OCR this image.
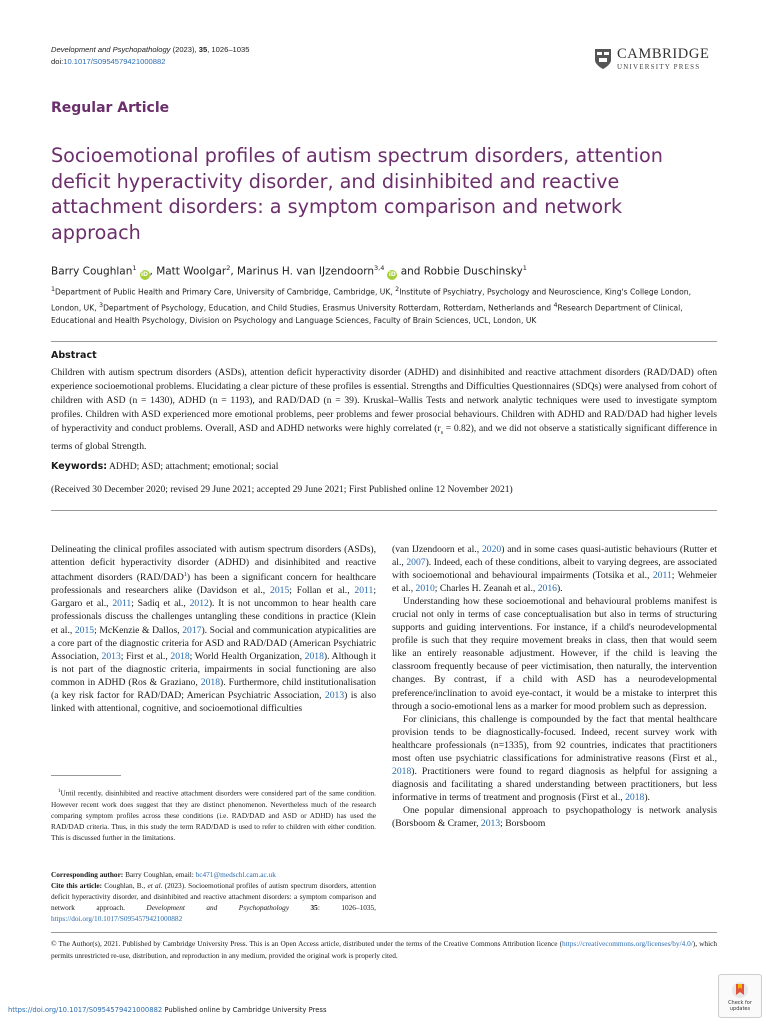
Development and Psychopathology (2023), 35, 1026–1035
doi:10.1017/S0954579421000882	CAMBRIDGE
UNIVERSITY PRESS
Regular Article
Socioemotional profiles of autism spectrum disorders, attention deficit hyperactivity disorder, and disinhibited and reactive attachment disorders: a symptom comparison and network approach
Barry Coughlan$^1$iD, Matt Woolgar$^2$, Marinus H. van IJzendoorn$^{3,4}$iD and Robbie Duschinsky$^1$
$^1$Department of Public Health and Primary Care, University of Cambridge, Cambridge, UK, $^2$Institute of Psychiatry, Psychology and Neuroscience, King's College London, London, UK, $^3$Department of Psychology, Education, and Child Studies, Erasmus University Rotterdam, Rotterdam, Netherlands and $^4$Research Department of Clinical, Educational and Health Psychology, Division on Psychology and Language Sciences, Faculty of Brain Sciences, UCL, London, UK
Abstract
Children with autism spectrum disorders (ASDs), attention deficit hyperactivity disorder (ADHD) and disinhibited and reactive attachment disorders (RAD/DAD) often experience socioemotional problems. Elucidating a clear picture of these profiles is essential. Strengths and Difficulties Questionnaires (SDQs) were analysed from cohort of children with ASD (n = 1430), ADHD (n = 1193), and RAD/DAD (n = 39). Kruskal–Wallis Tests and network analytic techniques were used to investigate symptom profiles. Children with ASD experienced more emotional problems, peer problems and fewer prosocial behaviours. Children with ADHD and RAD/DAD had higher levels of hyperactivity and conduct problems. Overall, ASD and ADHD networks were highly correlated $(r_s = 0.82)$, and we did not observe a statistically significant difference in terms of global Strength.
Keywords: ADHD; ASD; attachment; emotional; social
(Received 30 December 2020; revised 29 June 2021; accepted 29 June 2021; First Published online 12 November 2021)

Delineating the clinical profiles associated with autism spectrum disorders (ASDs), attention deficit hyperactivity disorder (ADHD) and disinhibited and reactive attachment disorders (RAD/DAD$^1$) has been a significant concern for healthcare professionals and researchers alike (Davidson et al., 2015; Follan et al., 2011; Gargaro et al., 2011; Sadiq et al., 2012). It is not uncommon to hear health care professionals discuss the challenges untangling these conditions in practice (Klein et al., 2015; McKenzie & Dallos, 2017). Social and communication atypicalities are a core part of the diagnostic criteria for ASD and RAD/DAD (American Psychiatric Association, 2013; First et al., 2018; World Health Organization, 2018). Although it is not part of the diagnostic criteria, impairments in social functioning are also common in ADHD (Ros & Graziano, 2018). Furthermore, child institutionalisation (a key risk factor for RAD/DAD; American Psychiatric Association, 2013) is also linked with attentional, cognitive, and socioemotional difficulties

$^1$Until recently, disinhibited and reactive attachment disorders were considered part of the same condition. However recent work does suggest that they are distinct phenomenon. Nevertheless much of the research comparing symptom profiles across these conditions (i.e. RAD/DAD and ASD or ADHD) has used the RAD/DAD criteria. Thus, in this study the term RAD/DAD is used to refer to children with either condition. This is discussed further in the limitations.

Corresponding author: Barry Coughlan, email: bc471@medschl.cam.ac.uk

Cite this article: Coughlan, B., et al. (2023). Socioemotional profiles of autism spectrum disorders, attention deficit hyperactivity disorder, and disinhibited and reactive attachment disorders: a symptom comparison and network approach. Development and Psychopathology 35: 1026–1035, https://doi.org/10.1017/S0954579421000882

(van IJzendoorn et al., 2020) and in some cases quasi-autistic behaviours (Rutter et al., 2007). Indeed, each of these conditions, albeit to varying degrees, are associated with socioemotional and behavioural impairments (Totsika et al., 2011; Wehmeier et al., 2010; Charles H. Zeanah et al., 2016).

Understanding how these socioemotional and behavioural problems manifest is crucial not only in terms of case conceptualisation but also in terms of structuring supports and guiding interventions. For instance, if a child's neurodevelopmental profile is such that they require movement breaks in class, then that would seem like an entirely reasonable adjustment. However, if the child is leaving the classroom frequently because of peer victimisation, then naturally, the intervention changes. By contrast, if a child with ASD has a neurodevelopmental preference/inclination to avoid eye-contact, it would be a mistake to interpret this through a socio-emotional lens as a marker for mood problem such as depression.

For clinicians, this challenge is compounded by the fact that mental healthcare provision tends to be diagnostically-focused. Indeed, recent survey work with healthcare professionals (n=1335), from 92 countries, indicates that practitioners most often use psychiatric classifications for administrative reasons (First et al., 2018). Practitioners were found to regard diagnosis as helpful for assigning a diagnosis and facilitating a shared understanding between practitioners, but less informative in terms of treatment and prognosis (First et al., 2018).

One popular dimensional approach to psychopathology is network analysis (Borsboom & Cramer, 2013; Borsboom

© The Author(s), 2021. Published by Cambridge University Press. This is an Open Access article, distributed under the terms of the Creative Commons Attribution licence (https://creativecommons.org/licenses/by/4.0/), which permits unrestricted re-use, distribution, and reproduction in any medium, provided the original work is properly cited.
https://doi.org/10.1017/S0954579421000882 Published online by Cambridge University Press
Check for
updates
